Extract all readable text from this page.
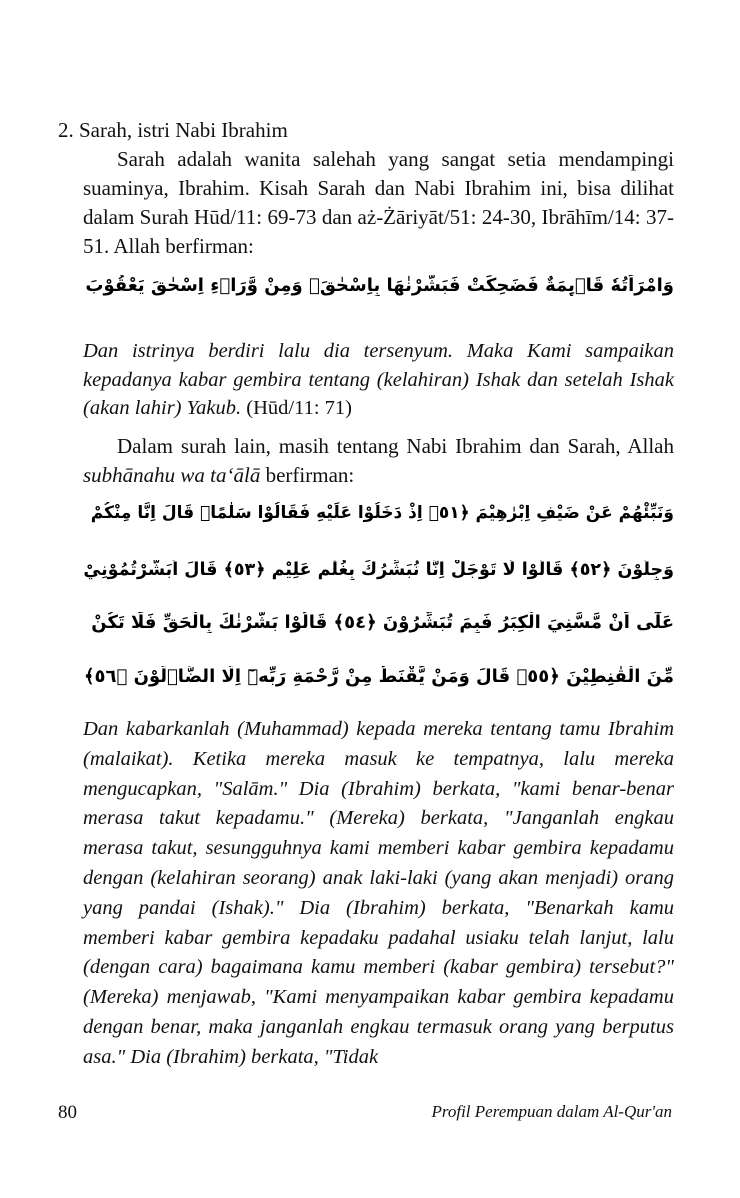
2. Sarah, istri Nabi Ibrahim

Sarah adalah wanita salehah yang sangat setia mendampingi suaminya, Ibrahim. Kisah Sarah dan Nabi Ibrahim ini, bisa dilihat dalam Surah Hūd/11: 69-73 dan aż-Żāriyāt/51: 24-30, Ibrāhīm/14: 37-51. Allah berfirman:

وَامْرَاَتُهٗ قَاۤىِٕمَةٌ فَضَحِكَتْ فَبَشَّرْنٰهَا بِاِسْحٰقَۙ وَمِنْ وَّرَاۤءِ اِسْحٰقَ يَعْقُوْبَ

Dan istrinya berdiri lalu dia tersenyum. Maka Kami sampaikan kepadanya kabar gembira tentang (kelahiran) Ishak dan setelah Ishak (akan lahir) Yakub. (Hūd/11: 71)

Dalam surah lain, masih tentang Nabi Ibrahim dan Sarah, Allah subhānahu wa ta‘ālā berfirman:

وَنَبِّئْهُمْ عَنْ ضَيْفِ اِبْرٰهِيْمَ ﴿٥١﴾ اِذْ دَخَلُوْا عَلَيْهِ فَقَالُوْا سَلٰمًاۗ قَالَ اِنَّا مِنْكُمْ
وَجِلُوْنَ ﴿٥٢﴾ قَالُوْا لَا تَوْجَلْ اِنَّا نُبَشِّرُكَ بِغُلٰمٍ عَلِيْمٍ ﴿٥٣﴾ قَالَ اَبَشَّرْتُمُوْنِيْ
عَلٰٓى اَنْ مَّسَّنِيَ الْكِبَرُ فَبِمَ تُبَشِّرُوْنَ ﴿٥٤﴾ قَالُوْا بَشَّرْنٰكَ بِالْحَقِّ فَلَا تَكُنْ
مِّنَ الْقٰنِطِيْنَ ﴿٥٥﴾ قَالَ وَمَنْ يَّقْنَطُ مِنْ رَّحْمَةِ رَبِّهٖٓ اِلَّا الضَّاۤلُّوْنَ ﴿٥٦﴾

Dan kabarkanlah (Muhammad) kepada mereka tentang tamu Ibrahim (malaikat). Ketika mereka masuk ke tempatnya, lalu mereka mengucapkan, "Salām." Dia (Ibrahim) berkata, "kami benar-benar merasa takut kepadamu." (Mereka) berkata, "Janganlah engkau merasa takut, sesungguhnya kami memberi kabar gembira kepadamu dengan (kelahiran seorang) anak laki-laki (yang akan menjadi) orang yang pandai (Ishak)." Dia (Ibrahim) berkata, "Benarkah kamu memberi kabar gembira kepadaku padahal usiaku telah lanjut, lalu (dengan cara) bagaimana kamu memberi (kabar gembira) tersebut?" (Mereka) menjawab, "Kami menyampaikan kabar gembira kepadamu dengan benar, maka janganlah engkau termasuk orang yang berputus asa." Dia (Ibrahim) berkata, "Tidak

80	Profil Perempuan dalam Al-Qur'an
